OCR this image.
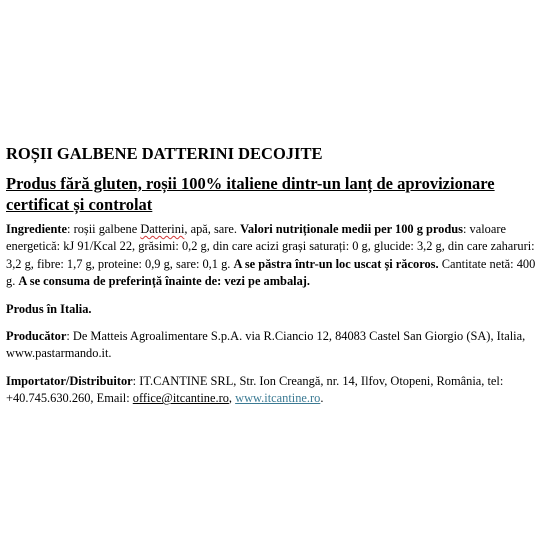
ROȘII GALBENE DATTERINI DECOJITE
Produs fără gluten, roșii 100% italiene dintr-un lanț de aprovizionare certificat și controlat

Ingrediente: roșii galbene Datterini, apă, sare. Valori nutriționale medii per 100 g produs: valoare energetică: kJ 91/Kcal 22, grăsimi: 0,2 g, din care acizi grași saturați: 0 g, glucide: 3,2 g, din care zaharuri: 3,2 g, fibre: 1,7 g, proteine: 0,9 g, sare: 0,1 g. A se păstra într-un loc uscat și răcoros. Cantitate netă: 400 g. A se consuma de preferință înainte de: vezi pe ambalaj.

Produs în Italia.

Producător: De Matteis Agroalimentare S.p.A. via R.Ciancio 12, 84083 Castel San Giorgio (SA), Italia, www.pastarmando.it.

Importator/Distribuitor: IT.CANTINE SRL, Str. Ion Creangă, nr. 14, Ilfov, Otopeni, România, tel: +40.745.630.260, Email: office@itcantine.ro, www.itcantine.ro.
